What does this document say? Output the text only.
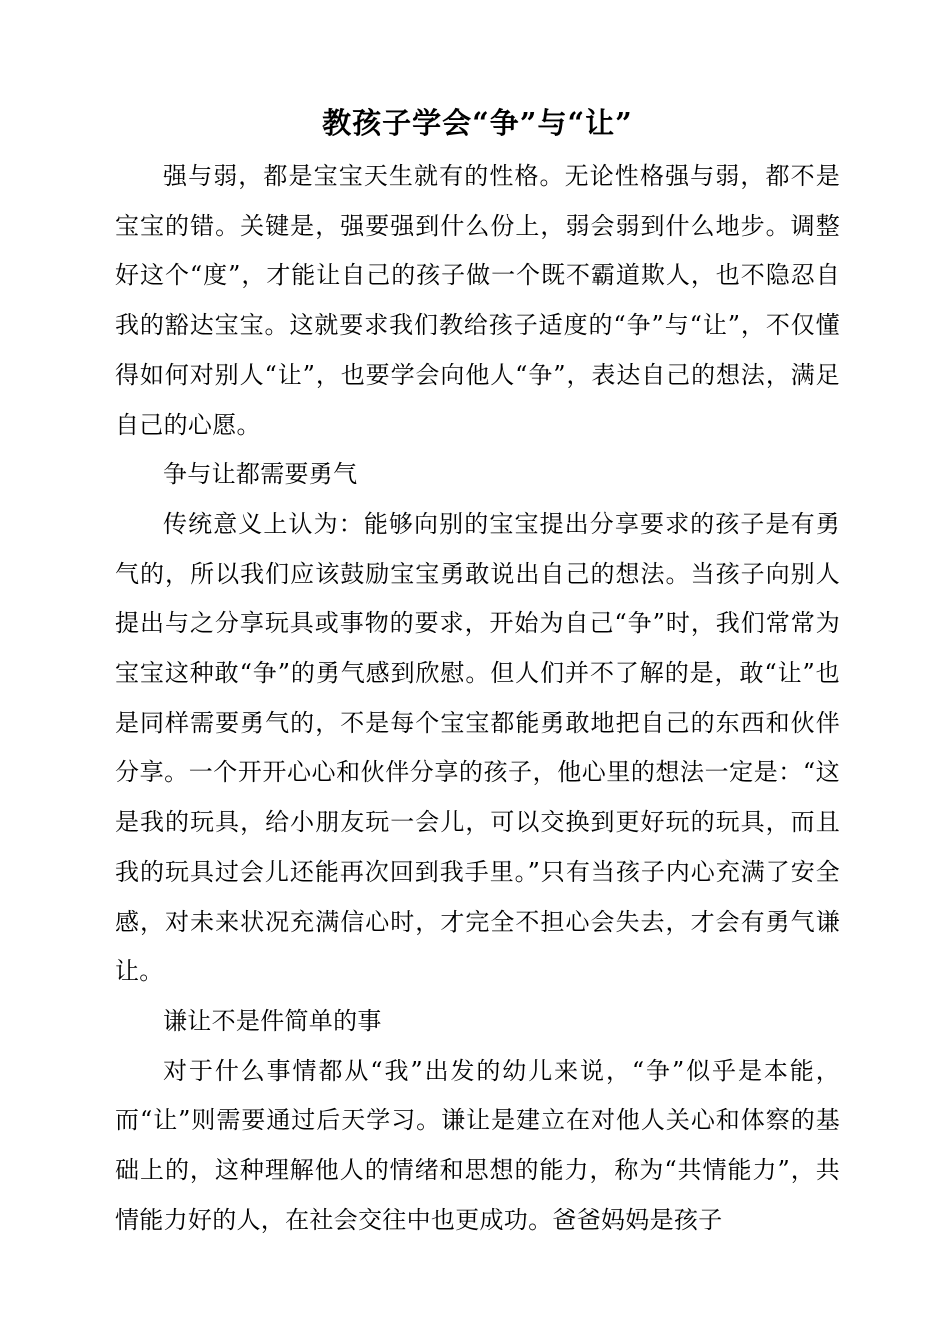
教孩子学会“争”与“让”

强与弱，都是宝宝天生就有的性格。无论性格强与弱，都不是宝宝的错。关键是，强要强到什么份上，弱会弱到什么地步。调整好这个“度”，才能让自己的孩子做一个既不霸道欺人，也不隐忍自我的豁达宝宝。这就要求我们教给孩子适度的“争”与“让”，不仅懂得如何对别人“让”，也要学会向他人“争”，表达自己的想法，满足自己的心愿。

争与让都需要勇气

传统意义上认为：能够向别的宝宝提出分享要求的孩子是有勇气的，所以我们应该鼓励宝宝勇敢说出自己的想法。当孩子向别人提出与之分享玩具或事物的要求，开始为自己“争”时，我们常常为宝宝这种敢“争”的勇气感到欣慰。但人们并不了解的是，敢“让”也是同样需要勇气的，不是每个宝宝都能勇敢地把自己的东西和伙伴分享。一个开开心心和伙伴分享的孩子，他心里的想法一定是：“这是我的玩具，给小朋友玩一会儿，可以交换到更好玩的玩具，而且我的玩具过会儿还能再次回到我手里。”只有当孩子内心充满了安全感，对未来状况充满信心时，才完全不担心会失去，才会有勇气谦让。

谦让不是件简单的事

对于什么事情都从“我”出发的幼儿来说，“争”似乎是本能，而“让”则需要通过后天学习。谦让是建立在对他人关心和体察的基础上的，这种理解他人的情绪和思想的能力，称为“共情能力”，共情能力好的人，在社会交往中也更成功。爸爸妈妈是孩子
